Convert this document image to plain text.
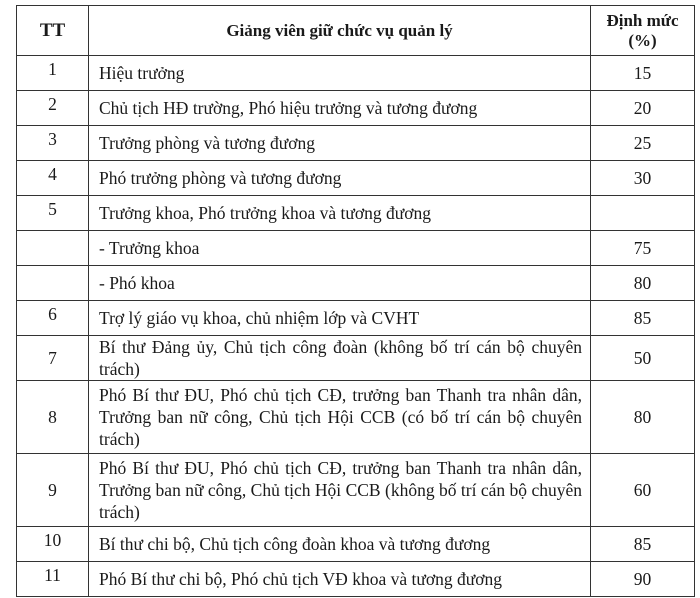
TT	Giảng viên giữ chức vụ quản lý	Định mức
(%)

1	Hiệu trưởng	15
2	Chủ tịch HĐ trường, Phó hiệu trưởng và tương đương	20
3	Trưởng phòng và tương đương	25
4	Phó trưởng phòng và tương đương	30
5	Trưởng khoa, Phó trưởng khoa và tương đương	
	- Trưởng khoa	75
	- Phó khoa	80
6	Trợ lý giáo vụ khoa, chủ nhiệm lớp và CVHT	85
7	Bí thư Đảng ủy, Chủ tịch công đoàn (không bố trí cán bộ chuyên trách)	50
8	Phó Bí thư ĐU, Phó chủ tịch CĐ, trưởng ban Thanh tra nhân dân, Trưởng ban nữ công, Chủ tịch Hội CCB (có bố trí cán bộ chuyên trách)	80
9	Phó Bí thư ĐU, Phó chủ tịch CĐ, trưởng ban Thanh tra nhân dân, Trưởng ban nữ công, Chủ tịch Hội CCB (không bố trí cán bộ chuyên trách)	60
10	Bí thư chi bộ, Chủ tịch công đoàn khoa và tương đương	85
11	Phó Bí thư chi bộ, Phó chủ tịch VĐ khoa và tương đương	90
